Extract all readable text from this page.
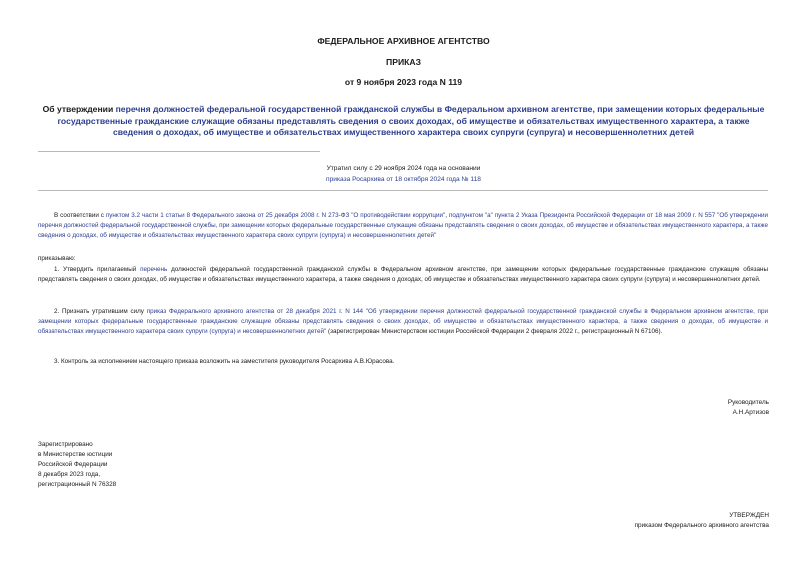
ФЕДЕРАЛЬНОЕ АРХИВНОЕ АГЕНТСТВО
ПРИКАЗ
от 9 ноября 2023 года N 119
Об утверждении перечня должностей федеральной государственной гражданской службы в Федеральном архивном агентстве, при замещении которых федеральные государственные гражданские служащие обязаны представлять сведения о своих доходах, об имуществе и обязательствах имущественного характера, а также сведения о доходах, об имуществе и обязательствах имущественного характера своих супруги (супруга) и несовершеннолетних детей
Утратил силу с 29 ноября 2024 года на основании
приказа Росархива от 18 октября 2024 года № 118
В соответствии с пунктом 3.2 части 1 статьи 8 Федерального закона от 25 декабря 2008 г. N 273-ФЗ "О противодействии коррупции", подпунктом "а" пункта 2 Указа Президента Российской Федерации от 18 мая 2009 г. N 557 "Об утверждении перечня должностей федеральной государственной службы, при замещении которых федеральные государственные служащие обязаны представлять сведения о своих доходах, об имуществе и обязательствах имущественного характера, а также сведения о доходах, об имуществе и обязательствах имущественного характера своих супруги (супруга) и несовершеннолетних детей"
приказываю:
1. Утвердить прилагаемый перечень должностей федеральной государственной гражданской службы в Федеральном архивном агентстве, при замещении которых федеральные государственные гражданские служащие обязаны представлять сведения о своих доходах, об имуществе и обязательствах имущественного характера, а также сведения о доходах, об имуществе и обязательствах имущественного характера своих супруги (супруга) и несовершеннолетних детей.
2. Признать утратившим силу приказ Федерального архивного агентства от 28 декабря 2021 г. N 144 "Об утверждении перечня должностей федеральной государственной гражданской службы в Федеральном архивном агентстве, при замещении которых федеральные государственные гражданские служащие обязаны представлять сведения о своих доходах, об имуществе и обязательствах имущественного характера, а также сведения о доходах, об имуществе и обязательствах имущественного характера своих супруги (супруга) и несовершеннолетних детей" (зарегистрирован Министерством юстиции Российской Федерации 2 февраля 2022 г., регистрационный N 67106).
3. Контроль за исполнением настоящего приказа возложить на заместителя руководителя Росархива А.В.Юрасова.
Руководитель
А.Н.Артизов
Зарегистрировано
в Министерстве юстиции
Российской Федерации
8 декабря 2023 года,
регистрационный N 76328
УТВЕРЖДЕН
приказом Федерального архивного агентства
